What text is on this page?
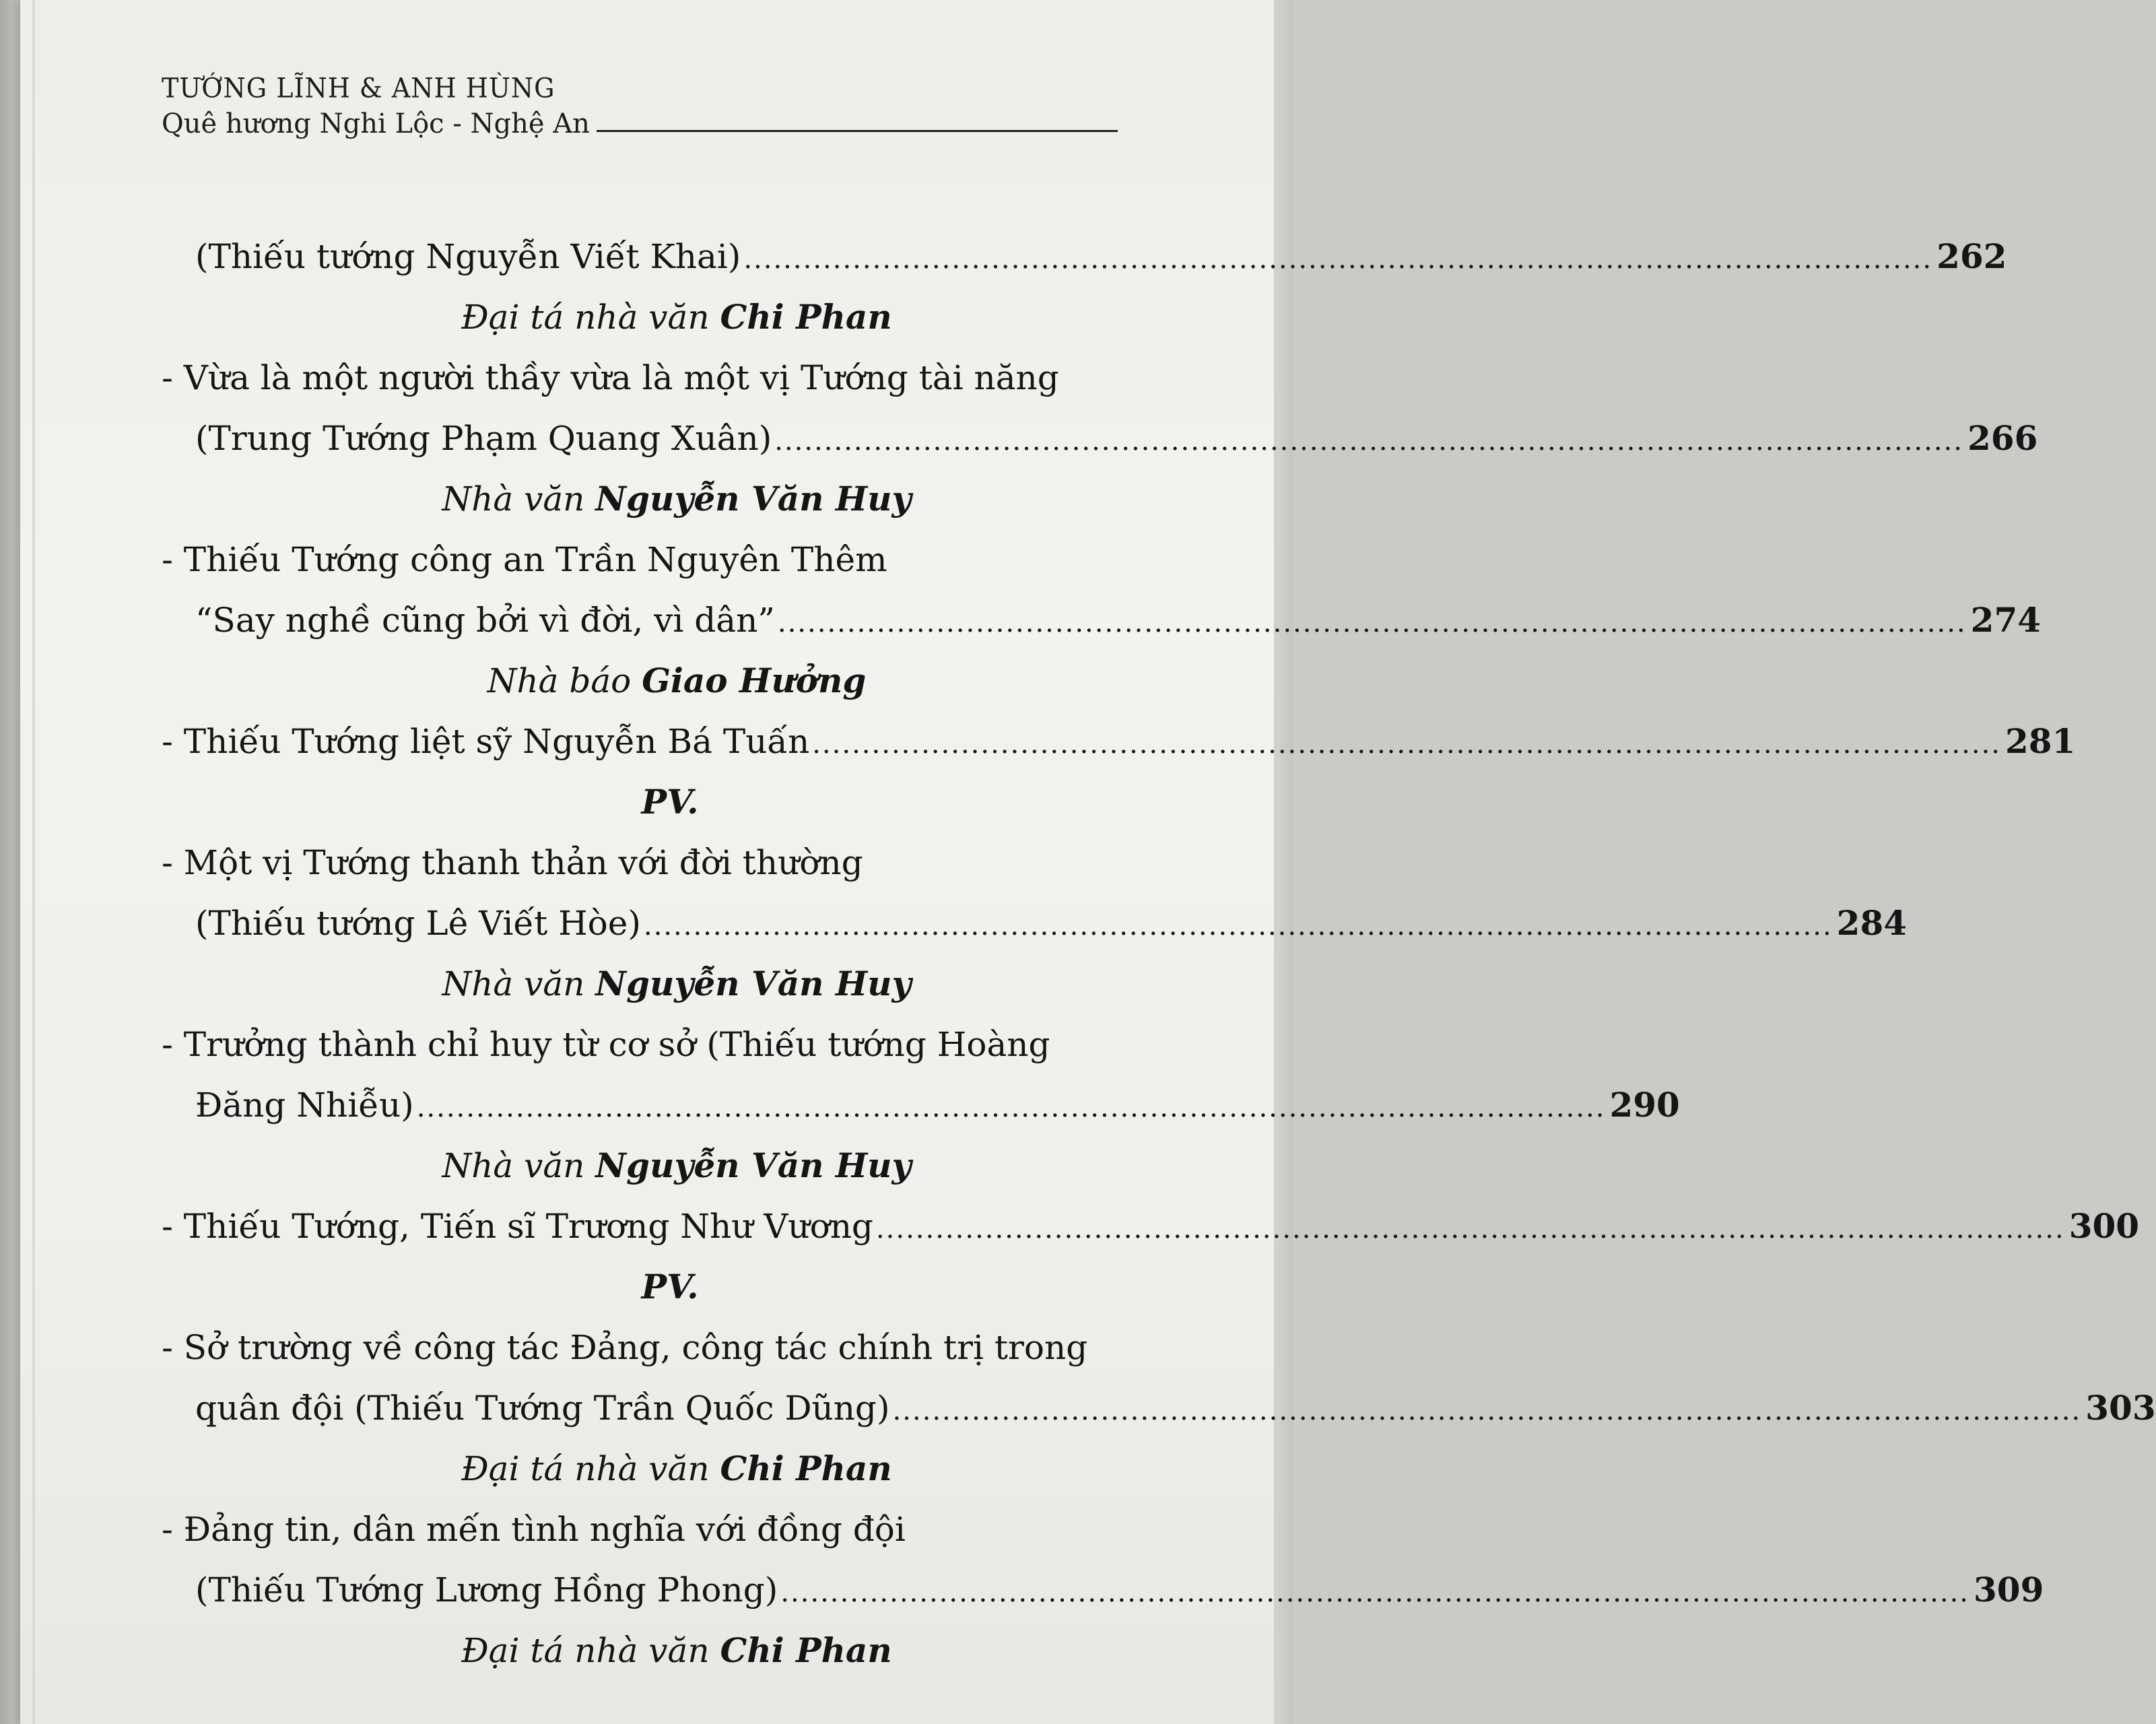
TƯỚNG LĨNH & ANH HÙNG
Quê hương Nghi Lộc - Nghệ An
(Thiếu tướng Nguyễn Viết Khai) ........................................................................................................................ 262
Đại tá nhà văn Chi Phan
- Vừa là một người thầy vừa là một vị Tướng tài năng
(Trung Tướng Phạm Quang Xuân) ........................................................................................................................ 266
Nhà văn Nguyễn Văn Huy
- Thiếu Tướng công an Trần Nguyên Thêm
“Say nghề cũng bởi vì đời, vì dân” ........................................................................................................................ 274
Nhà báo Giao Hưởng
- Thiếu Tướng liệt sỹ Nguyễn Bá Tuấn ........................................................................................................................ 281
PV.
- Một vị Tướng thanh thản với đời thường
(Thiếu tướng Lê Viết Hòe) ........................................................................................................................ 284
Nhà văn Nguyễn Văn Huy
- Trưởng thành chỉ huy từ cơ sở (Thiếu tướng Hoàng
Đăng Nhiễu) ........................................................................................................................ 290
Nhà văn Nguyễn Văn Huy
- Thiếu Tướng, Tiến sĩ Trương Như Vương ........................................................................................................................ 300
PV.
- Sở trường về công tác Đảng, công tác chính trị trong
quân đội (Thiếu Tướng Trần Quốc Dũng) ........................................................................................................................ 303
Đại tá nhà văn Chi Phan
- Đảng tin, dân mến tình nghĩa với đồng đội
(Thiếu Tướng Lương Hồng Phong) ........................................................................................................................ 309
Đại tá nhà văn Chi Phan
